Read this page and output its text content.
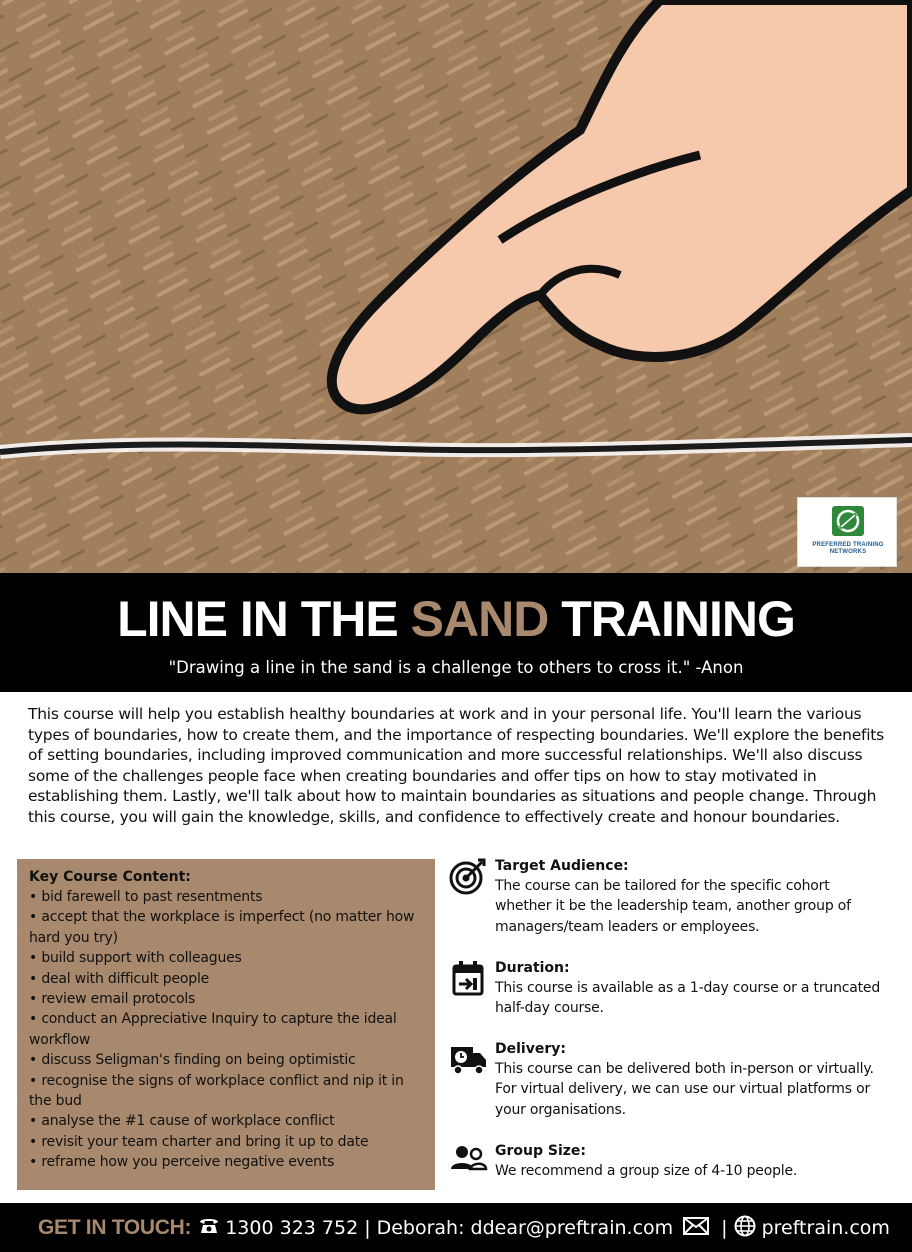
PREFERRED TRAINING
NETWORKS
LINE IN THE SAND TRAINING
"Drawing a line in the sand is a challenge to others to cross it." -Anon
This course will help you establish healthy boundaries at work and in your personal life. You'll learn the various types of boundaries, how to create them, and the importance of respecting boundaries. We'll explore the benefits of setting boundaries, including improved communication and more successful relationships. We'll also discuss some of the challenges people face when creating boundaries and offer tips on how to stay motivated in establishing them. Lastly, we'll talk about how to maintain boundaries as situations and people change. Through this course, you will gain the knowledge, skills, and confidence to effectively create and honour boundaries.
Key Course Content:
• bid farewell to past resentments
• accept that the workplace is imperfect (no matter how hard you try)
• build support with colleagues
• deal with difficult people
• review email protocols
• conduct an Appreciative Inquiry to capture the ideal workflow
• discuss Seligman's finding on being optimistic
• recognise the signs of workplace conflict and nip it in the bud
• analyse the #1 cause of workplace conflict
• revisit your team charter and bring it up to date
• reframe how you perceive negative events
Target Audience:

The course can be tailored for the specific cohort whether it be the leadership team, another group of managers/team leaders or employees.

Duration:

This course is available as a 1-day course or a truncated half-day course.

Delivery:

This course can be delivered both in-person or virtually. For virtual delivery, we can use our virtual platforms or your organisations.

Group Size:

We recommend a group size of 4-10 people.

GET IN TOUCH: 1300 323 752 | Deborah: ddear@preftrain.com	| preftrain.com
